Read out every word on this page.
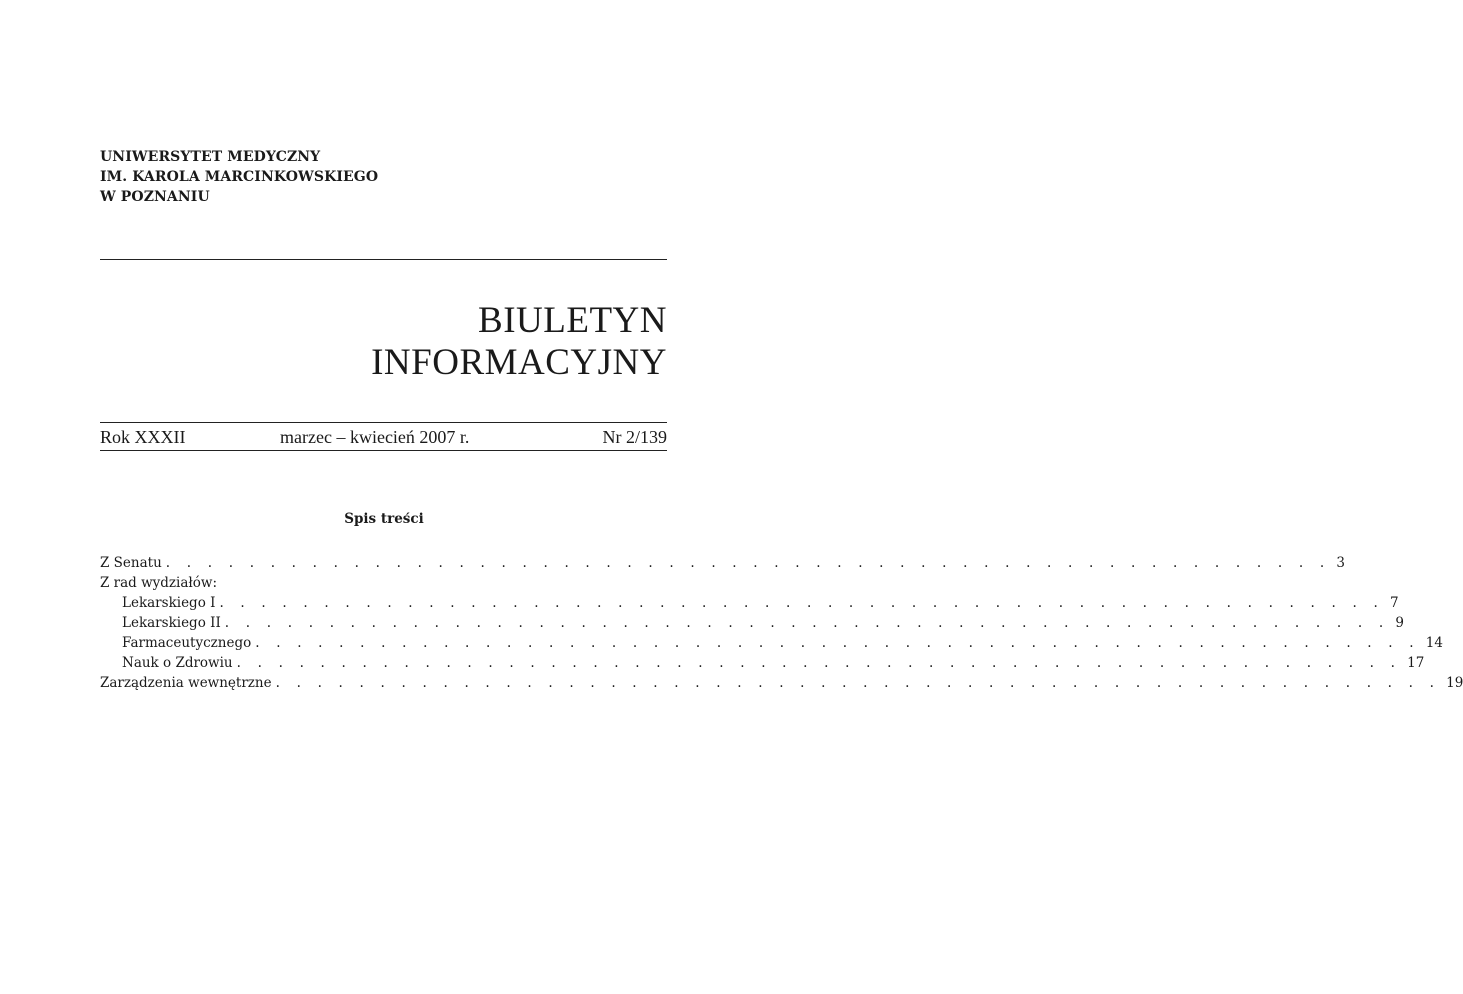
UNIWERSYTET MEDYCZNY
IM. KAROLA MARCINKOWSKIEGO
W POZNANIU
BIULETYN
INFORMACYJNY
Rok XXXII	marzec – kwiecień 2007 r.	Nr 2/139
Spis treści
Z Senatu . . . . . . . . . . . . . . . . . . . . . . . . . . . . . . . . . . . . . . . . . . . . . . . . . . . . . . . . 3
Z rad wydziałów:
Lekarskiego I . . . . . . . . . . . . . . . . . . . . . . . . . . . . . . . . . . . . . . . . . . . . . . . . . . . . . . . . 7
Lekarskiego II . . . . . . . . . . . . . . . . . . . . . . . . . . . . . . . . . . . . . . . . . . . . . . . . . . . . . . . . 9
Farmaceutycznego . . . . . . . . . . . . . . . . . . . . . . . . . . . . . . . . . . . . . . . . . . . . . . . . . . . . . . . . 14
Nauk o Zdrowiu . . . . . . . . . . . . . . . . . . . . . . . . . . . . . . . . . . . . . . . . . . . . . . . . . . . . . . . . 17
Zarządzenia wewnętrzne . . . . . . . . . . . . . . . . . . . . . . . . . . . . . . . . . . . . . . . . . . . . . . . . . . . . . . . . 19
